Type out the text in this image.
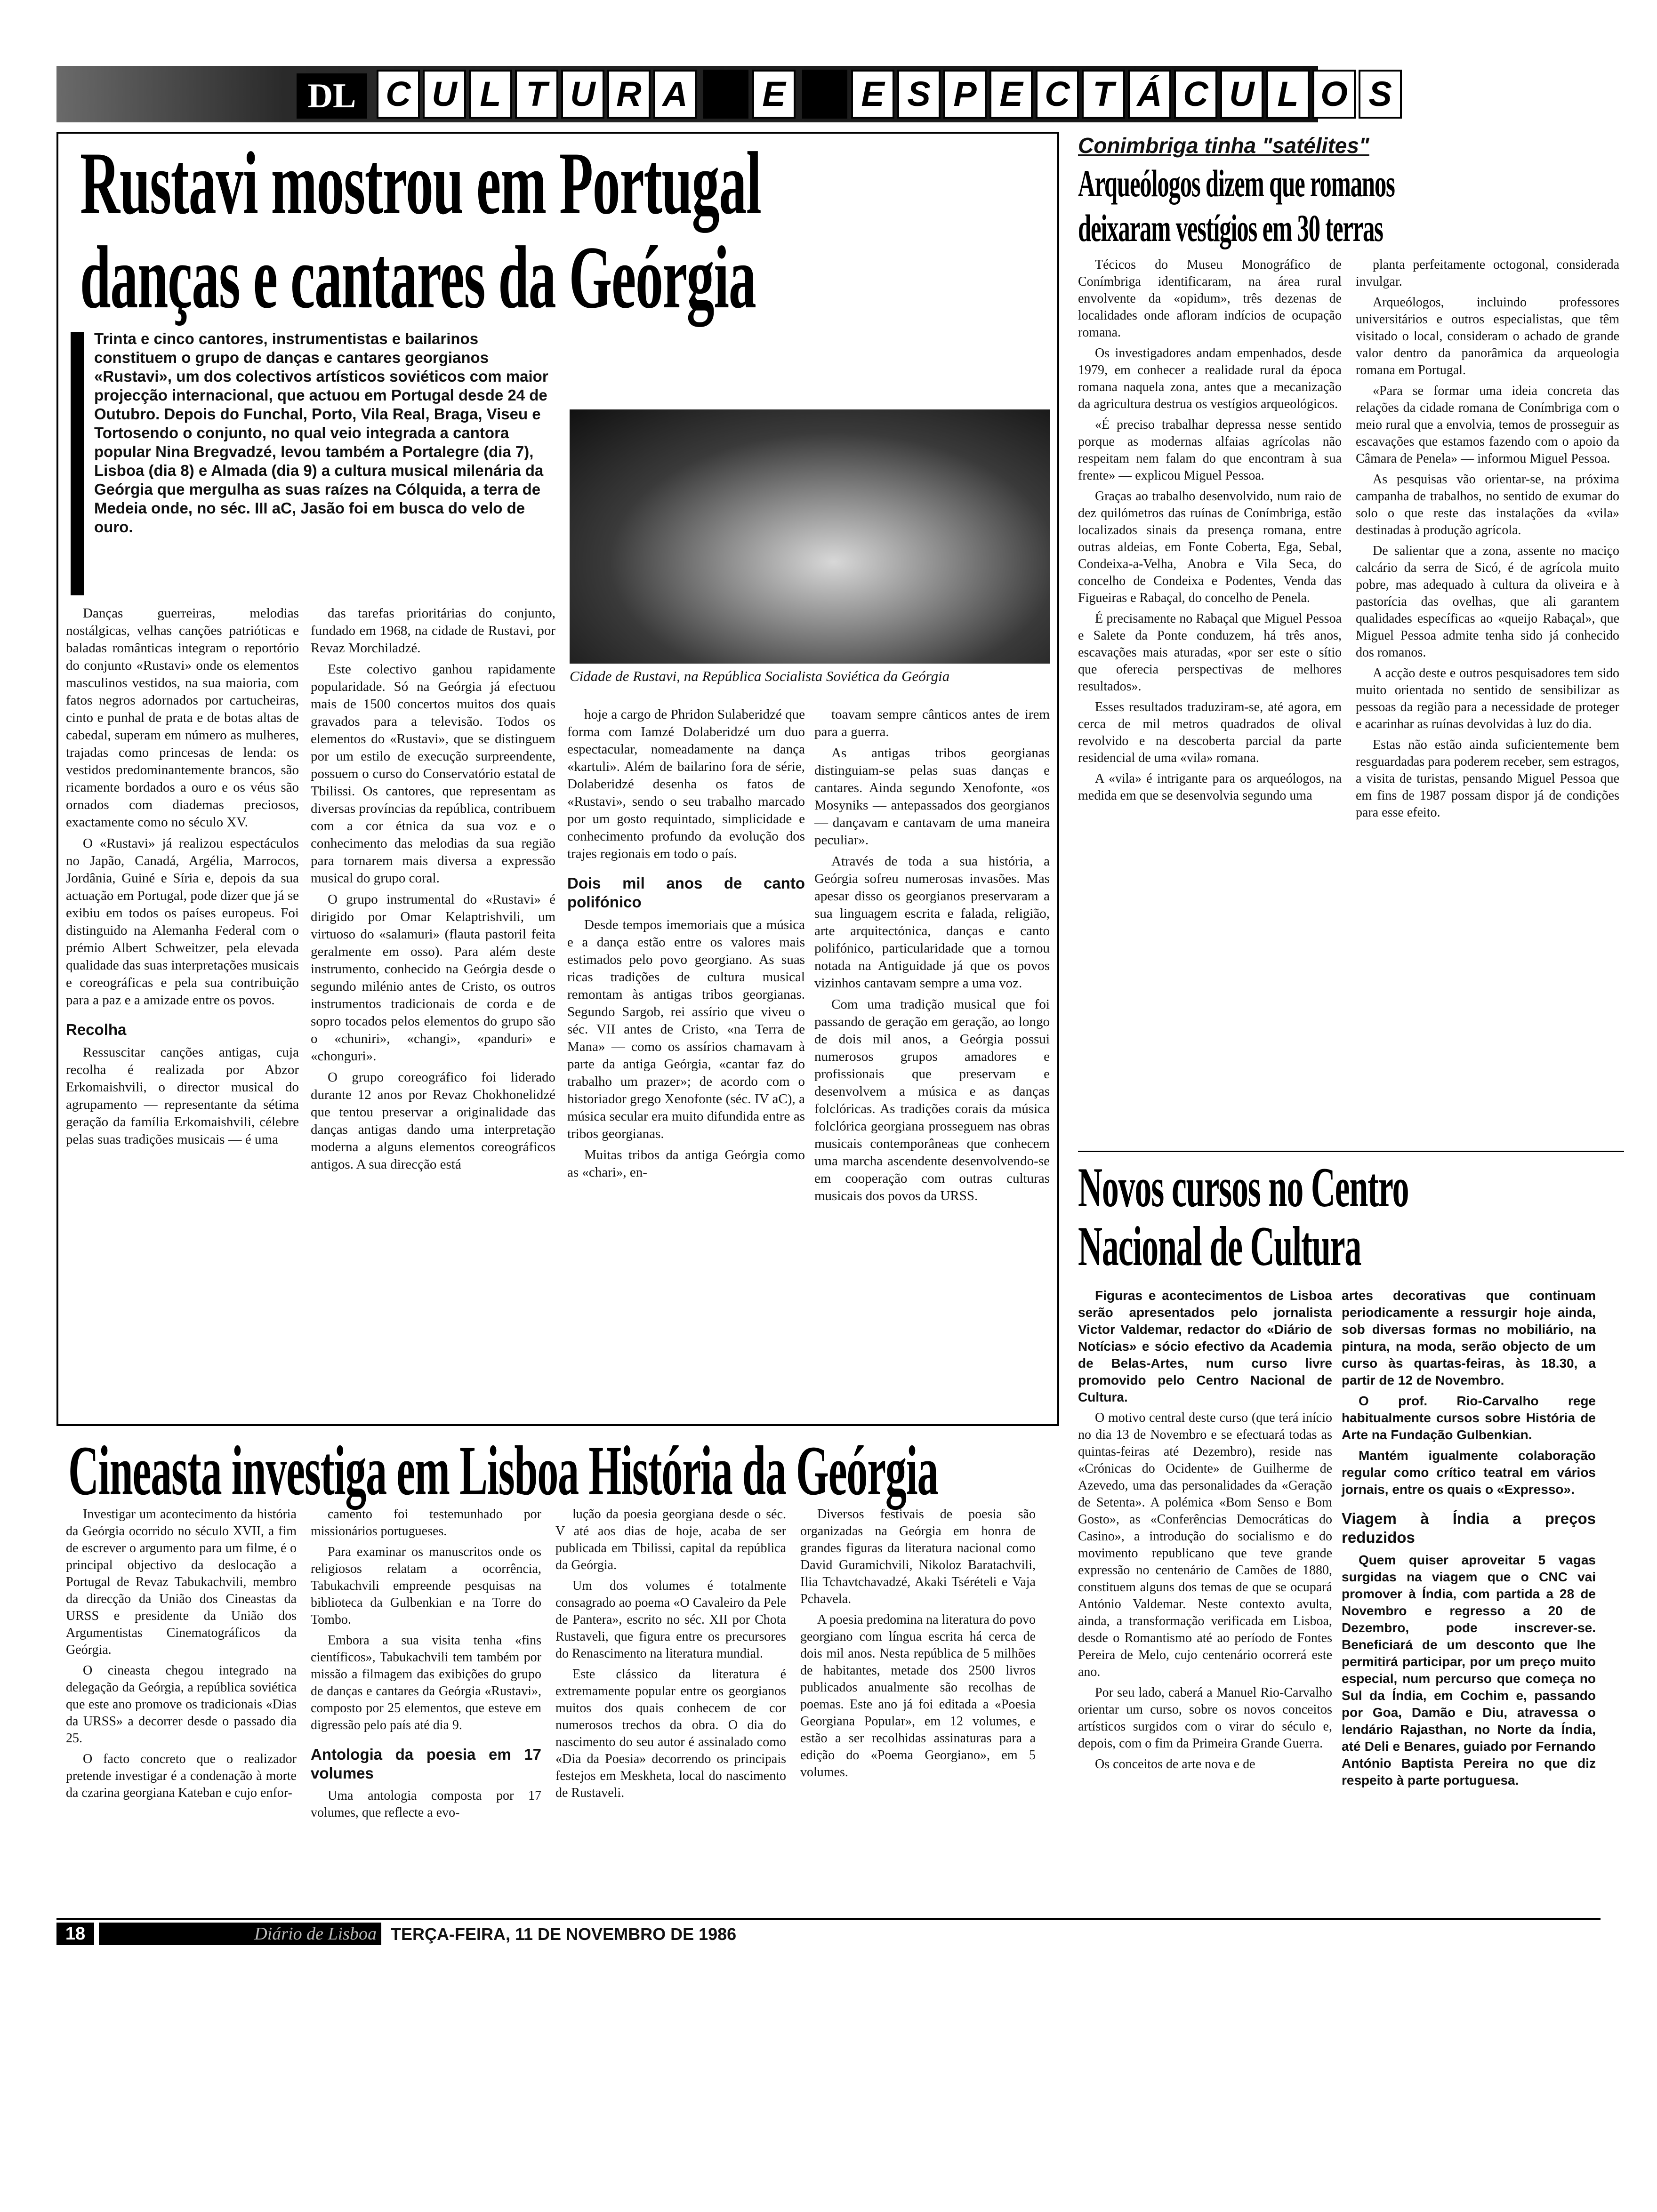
DL C U L T U R A E E S P E C T Á C U L O S
Rustavi mostrou em Portugal
danças e cantares da Geórgia
Trinta e cinco cantores, instrumentistas e bailarinos constituem o grupo de danças e cantares georgianos «Rustavi», um dos colectivos artísticos soviéticos com maior projecção internacional, que actuou em Portugal desde 24 de Outubro. Depois do Funchal, Porto, Vila Real, Braga, Viseu e Tortosendo o conjunto, no qual veio integrada a cantora popular Nina Bregvadzé, levou também a Portalegre (dia 7), Lisboa (dia 8) e Almada (dia 9) a cultura musical milenária da Geórgia que mergulha as suas raízes na Cólquida, a terra de Medeia onde, no séc. III aC, Jasão foi em busca do velo de ouro.
Cidade de Rustavi, na República Socialista Soviética da Geórgia

Danças guerreiras, melodias nostálgicas, velhas canções patrióticas e baladas românticas integram o reportório do conjunto «Rustavi» onde os elementos masculinos vestidos, na sua maioria, com fatos negros adornados por cartucheiras, cinto e punhal de prata e de botas altas de cabedal, superam em número as mulheres, trajadas como princesas de lenda: os vestidos predominantemente brancos, são ricamente bordados a ouro e os véus são ornados com diademas preciosos, exactamente como no século XV.

O «Rustavi» já realizou espectáculos no Japão, Canadá, Argélia, Marrocos, Jordânia, Guiné e Síria e, depois da sua actuação em Portugal, pode dizer que já se exibiu em todos os países europeus. Foi distinguido na Alemanha Federal com o prémio Albert Schweitzer, pela elevada qualidade das suas interpretações musicais e coreográficas e pela sua contribuição para a paz e a amizade entre os povos.

Recolha

Ressuscitar canções antigas, cuja recolha é realizada por Abzor Erkomaishvili, o director musical do agrupamento — representante da sétima geração da família Erkomaishvili, célebre pelas suas tradições musicais — é uma

das tarefas prioritárias do conjunto, fundado em 1968, na cidade de Rustavi, por Revaz Morchiladzé.

Este colectivo ganhou rapidamente popularidade. Só na Geórgia já efectuou mais de 1500 concertos muitos dos quais gravados para a televisão. Todos os elementos do «Rustavi», que se distinguem por um estilo de execução surpreendente, possuem o curso do Conservatório estatal de Tbilissi. Os cantores, que representam as diversas províncias da república, contribuem com a cor étnica da sua voz e o conhecimento das melodias da sua região para tornarem mais diversa a expressão musical do grupo coral.

O grupo instrumental do «Rustavi» é dirigido por Omar Kelaptrishvili, um virtuoso do «salamuri» (flauta pastoril feita geralmente em osso). Para além deste instrumento, conhecido na Geórgia desde o segundo milénio antes de Cristo, os outros instrumentos tradicionais de corda e de sopro tocados pelos elementos do grupo são o «chuniri», «changi», «panduri» e «chonguri».

O grupo coreográfico foi liderado durante 12 anos por Revaz Chokhonelidzé que tentou preservar a originalidade das danças antigas dando uma interpretação moderna a alguns elementos coreográficos antigos. A sua direcção está

hoje a cargo de Phridon Sulaberidzé que forma com Iamzé Dolaberidzé um duo espectacular, nomeadamente na dança «kartuli». Além de bailarino fora de série, Dolaberidzé desenha os fatos de «Rustavi», sendo o seu trabalho marcado por um gosto requintado, simplicidade e conhecimento profundo da evolução dos trajes regionais em todo o país.

Dois mil anos de canto polifónico

Desde tempos imemoriais que a música e a dança estão entre os valores mais estimados pelo povo georgiano. As suas ricas tradições de cultura musical remontam às antigas tribos georgianas. Segundo Sargob, rei assírio que viveu o séc. VII antes de Cristo, «na Terra de Mana» — como os assírios chamavam à parte da antiga Geórgia, «cantar faz do trabalho um prazer»; de acordo com o historiador grego Xenofonte (séc. IV aC), a música secular era muito difundida entre as tribos georgianas.

Muitas tribos da antiga Geórgia como as «chari», en-

toavam sempre cânticos antes de irem para a guerra.

As antigas tribos georgianas distinguiam-se pelas suas danças e cantares. Ainda segundo Xenofonte, «os Mosyniks — antepassados dos georgianos — dançavam e cantavam de uma maneira peculiar».

Através de toda a sua história, a Geórgia sofreu numerosas invasões. Mas apesar disso os georgianos preservaram a sua linguagem escrita e falada, religião, arte arquitectónica, danças e canto polifónico, particularidade que a tornou notada na Antiguidade já que os povos vizinhos cantavam sempre a uma voz.

Com uma tradição musical que foi passando de geração em geração, ao longo de dois mil anos, a Geórgia possui numerosos grupos amadores e profissionais que preservam e desenvolvem a música e as danças folclóricas. As tradições corais da música folclórica georgiana prosseguem nas obras musicais contemporâneas que conhecem uma marcha ascendente desenvolvendo-se em cooperação com outras culturas musicais dos povos da URSS.

Cineasta investiga em Lisboa História da Geórgia

Investigar um acontecimento da história da Geórgia ocorrido no século XVII, a fim de escrever o argumento para um filme, é o principal objectivo da deslocação a Portugal de Revaz Tabukachvili, membro da direcção da União dos Cineastas da URSS e presidente da União dos Argumentistas Cinematográficos da Geórgia.

O cineasta chegou integrado na delegação da Geórgia, a república soviética que este ano promove os tradicionais «Dias da URSS» a decorrer desde o passado dia 25.

O facto concreto que o realizador pretende investigar é a condenação à morte da czarina georgiana Kateban e cujo enfor-

camento foi testemunhado por missionários portugueses.

Para examinar os manuscritos onde os religiosos relatam a ocorrência, Tabukachvili empreende pesquisas na biblioteca da Gulbenkian e na Torre do Tombo.

Embora a sua visita tenha «fins científicos», Tabukachvili tem também por missão a filmagem das exibições do grupo de danças e cantares da Geórgia «Rustavi», composto por 25 elementos, que esteve em digressão pelo país até dia 9.

Antologia da poesia em 17 volumes

Uma antologia composta por 17 volumes, que reflecte a evo-

lução da poesia georgiana desde o séc. V até aos dias de hoje, acaba de ser publicada em Tbilissi, capital da república da Geórgia.

Um dos volumes é totalmente consagrado ao poema «O Cavaleiro da Pele de Pantera», escrito no séc. XII por Chota Rustaveli, que figura entre os precursores do Renascimento na literatura mundial.

Este clássico da literatura é extremamente popular entre os georgianos muitos dos quais conhecem de cor numerosos trechos da obra. O dia do nascimento do seu autor é assinalado como «Dia da Poesia» decorrendo os principais festejos em Meskheta, local do nascimento de Rustaveli.

Diversos festivais de poesia são organizadas na Geórgia em honra de grandes figuras da literatura nacional como David Guramichvili, Nikoloz Baratachvili, Ilia Tchavtchavadzé, Akaki Tsérételi e Vaja Pchavela.

A poesia predomina na literatura do povo georgiano com língua escrita há cerca de dois mil anos. Nesta república de 5 milhões de habitantes, metade dos 2500 livros publicados anualmente são recolhas de poemas. Este ano já foi editada a «Poesia Georgiana Popular», em 12 volumes, e estão a ser recolhidas assinaturas para a edição do «Poema Georgiano», em 5 volumes.

Conimbriga tinha "satélites"
Arqueólogos dizem que romanos
deixaram vestígios em 30 terras

Técicos do Museu Monográfico de Conímbriga identificaram, na área rural envolvente da «opidum», três dezenas de localidades onde afloram indícios de ocupação romana.

Os investigadores andam empenhados, desde 1979, em conhecer a realidade rural da época romana naquela zona, antes que a mecanização da agricultura destrua os vestígios arqueológicos.

«É preciso trabalhar depressa nesse sentido porque as modernas alfaias agrícolas não respeitam nem falam do que encontram à sua frente» — explicou Miguel Pessoa.

Graças ao trabalho desenvolvido, num raio de dez quilómetros das ruínas de Conímbriga, estão localizados sinais da presença romana, entre outras aldeias, em Fonte Coberta, Ega, Sebal, Condeixa-a-Velha, Anobra e Vila Seca, do concelho de Condeixa e Podentes, Venda das Figueiras e Rabaçal, do concelho de Penela.

É precisamente no Rabaçal que Miguel Pessoa e Salete da Ponte conduzem, há três anos, escavações mais aturadas, «por ser este o sítio que oferecia perspectivas de melhores resultados».

Esses resultados traduziram-se, até agora, em cerca de mil metros quadrados de olival revolvido e na descoberta parcial da parte residencial de uma «vila» romana.

A «vila» é intrigante para os arqueólogos, na medida em que se desenvolvia segundo uma

planta perfeitamente octogonal, considerada invulgar.

Arqueólogos, incluindo professores universitários e outros especialistas, que têm visitado o local, consideram o achado de grande valor dentro da panorâmica da arqueologia romana em Portugal.

«Para se formar uma ideia concreta das relações da cidade romana de Conímbriga com o meio rural que a envolvia, temos de prosseguir as escavações que estamos fazendo com o apoio da Câmara de Penela» — informou Miguel Pessoa.

As pesquisas vão orientar-se, na próxima campanha de trabalhos, no sentido de exumar do solo o que reste das instalações da «vila» destinadas à produção agrícola.

De salientar que a zona, assente no maciço calcário da serra de Sicó, é de agrícola muito pobre, mas adequado à cultura da oliveira e à pastorícia das ovelhas, que ali garantem qualidades específicas ao «queijo Rabaçal», que Miguel Pessoa admite tenha sido já conhecido dos romanos.

A acção deste e outros pesquisadores tem sido muito orientada no sentido de sensibilizar as pessoas da região para a necessidade de proteger e acarinhar as ruínas devolvidas à luz do dia.

Estas não estão ainda suficientemente bem resguardadas para poderem receber, sem estragos, a visita de turistas, pensando Miguel Pessoa que em fins de 1987 possam dispor já de condições para esse efeito.

Novos cursos no Centro
Nacional de Cultura

Figuras e acontecimentos de Lisboa serão apresentados pelo jornalista Victor Valdemar, redactor do «Diário de Notícias» e sócio efectivo da Academia de Belas-Artes, num curso livre promovido pelo Centro Nacional de Cultura.

O motivo central deste curso (que terá início no dia 13 de Novembro e se efectuará todas as quintas-feiras até Dezembro), reside nas «Crónicas do Ocidente» de Guilherme de Azevedo, uma das personalidades da «Geração de Setenta». A polémica «Bom Senso e Bom Gosto», as «Conferências Democráticas do Casino», a introdução do socialismo e do movimento republicano que teve grande expressão no centenário de Camões de 1880, constituem alguns dos temas de que se ocupará António Valdemar. Neste contexto avulta, ainda, a transformação verificada em Lisboa, desde o Romantismo até ao período de Fontes Pereira de Melo, cujo centenário ocorrerá este ano.

Por seu lado, caberá a Manuel Rio-Carvalho orientar um curso, sobre os novos conceitos artísticos surgidos com o virar do século e, depois, com o fim da Primeira Grande Guerra.

Os conceitos de arte nova e de

artes decorativas que continuam periodicamente a ressurgir hoje ainda, sob diversas formas no mobiliário, na pintura, na moda, serão objecto de um curso às quartas-feiras, às 18.30, a partir de 12 de Novembro.

O prof. Rio-Carvalho rege habitualmente cursos sobre História de Arte na Fundação Gulbenkian.

Mantém igualmente colaboração regular como crítico teatral em vários jornais, entre os quais o «Expresso».

Viagem à Índia a preços reduzidos

Quem quiser aproveitar 5 vagas surgidas na viagem que o CNC vai promover à Índia, com partida a 28 de Novembro e regresso a 20 de Dezembro, pode inscrever-se. Beneficiará de um desconto que lhe permitirá participar, por um preço muito especial, num percurso que começa no Sul da Índia, em Cochim e, passando por Goa, Damão e Diu, atravessa o lendário Rajasthan, no Norte da Índia, até Deli e Benares, guiado por Fernando António Baptista Pereira no que diz respeito à parte portuguesa.

18	Diário de Lisboa TERÇA-FEIRA, 11 DE NOVEMBRO DE 1986
